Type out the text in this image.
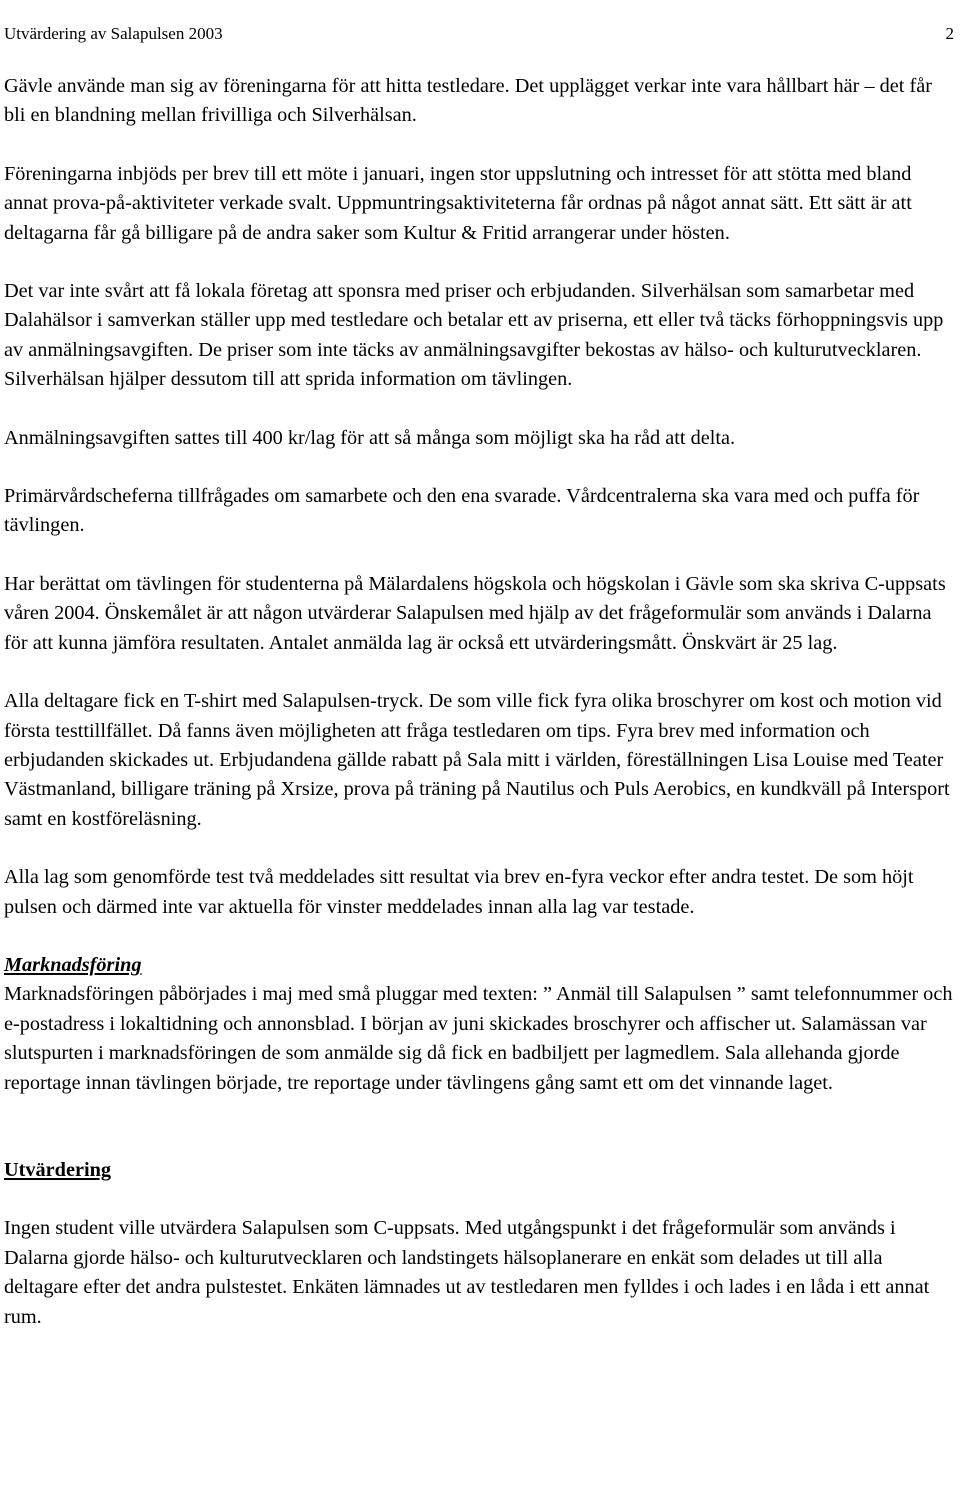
Utvärdering av Salapulsen 2003	2

Gävle använde man sig av föreningarna för att hitta testledare. Det upplägget verkar inte vara hållbart här – det får bli en blandning mellan frivilliga och Silverhälsan.

Föreningarna inbjöds per brev till ett möte i januari, ingen stor uppslutning och intresset för att stötta med bland annat prova-på-aktiviteter verkade svalt. Uppmuntringsaktiviteterna får ordnas på något annat sätt. Ett sätt är att deltagarna får gå billigare på de andra saker som Kultur & Fritid arrangerar under hösten.

Det var inte svårt att få lokala företag att sponsra med priser och erbjudanden. Silverhälsan som samarbetar med Dalahälsor i samverkan ställer upp med testledare och betalar ett av priserna, ett eller två täcks förhoppningsvis upp av anmälningsavgiften. De priser som inte täcks av anmälningsavgifter bekostas av hälso- och kulturutvecklaren. Silverhälsan hjälper dessutom till att sprida information om tävlingen.

Anmälningsavgiften sattes till 400 kr/lag för att så många som möjligt ska ha råd att delta.

Primärvårdscheferna tillfrågades om samarbete och den ena svarade. Vårdcentralerna ska vara med och puffa för tävlingen.

Har berättat om tävlingen för studenterna på Mälardalens högskola och högskolan i Gävle som ska skriva C-uppsats våren 2004. Önskemålet är att någon utvärderar Salapulsen med hjälp av det frågeformulär som används i Dalarna för att kunna jämföra resultaten. Antalet anmälda lag är också ett utvärderingsmått. Önskvärt är 25 lag.

Alla deltagare fick en T-shirt med Salapulsen-tryck. De som ville fick fyra olika broschyrer om kost och motion vid första testtillfället. Då fanns även möjligheten att fråga testledaren om tips. Fyra brev med information och erbjudanden skickades ut. Erbjudandena gällde rabatt på Sala mitt i världen, föreställningen Lisa Louise med Teater Västmanland, billigare träning på Xrsize, prova på träning på Nautilus och Puls Aerobics, en kundkväll på Intersport samt en kostföreläsning.

Alla lag som genomförde test två meddelades sitt resultat via brev en-fyra veckor efter andra testet. De som höjt pulsen och därmed inte var aktuella för vinster meddelades innan alla lag var testade.

Marknadsföring

Marknadsföringen påbörjades i maj med små pluggar med texten: ” Anmäl till Salapulsen ” samt telefonnummer och e-postadress i lokaltidning och annonsblad. I början av juni skickades broschyrer och affischer ut. Salamässan var slutspurten i marknadsföringen de som anmälde sig då fick en badbiljett per lagmedlem. Sala allehanda gjorde reportage innan tävlingen började, tre reportage under tävlingens gång samt ett om det vinnande laget.

Utvärdering

Ingen student ville utvärdera Salapulsen som C-uppsats. Med utgångspunkt i det frågeformulär som används i Dalarna gjorde hälso- och kulturutvecklaren och landstingets hälsoplanerare en enkät som delades ut till alla deltagare efter det andra pulstestet. Enkäten lämnades ut av testledaren men fylldes i och lades i en låda i ett annat rum.
